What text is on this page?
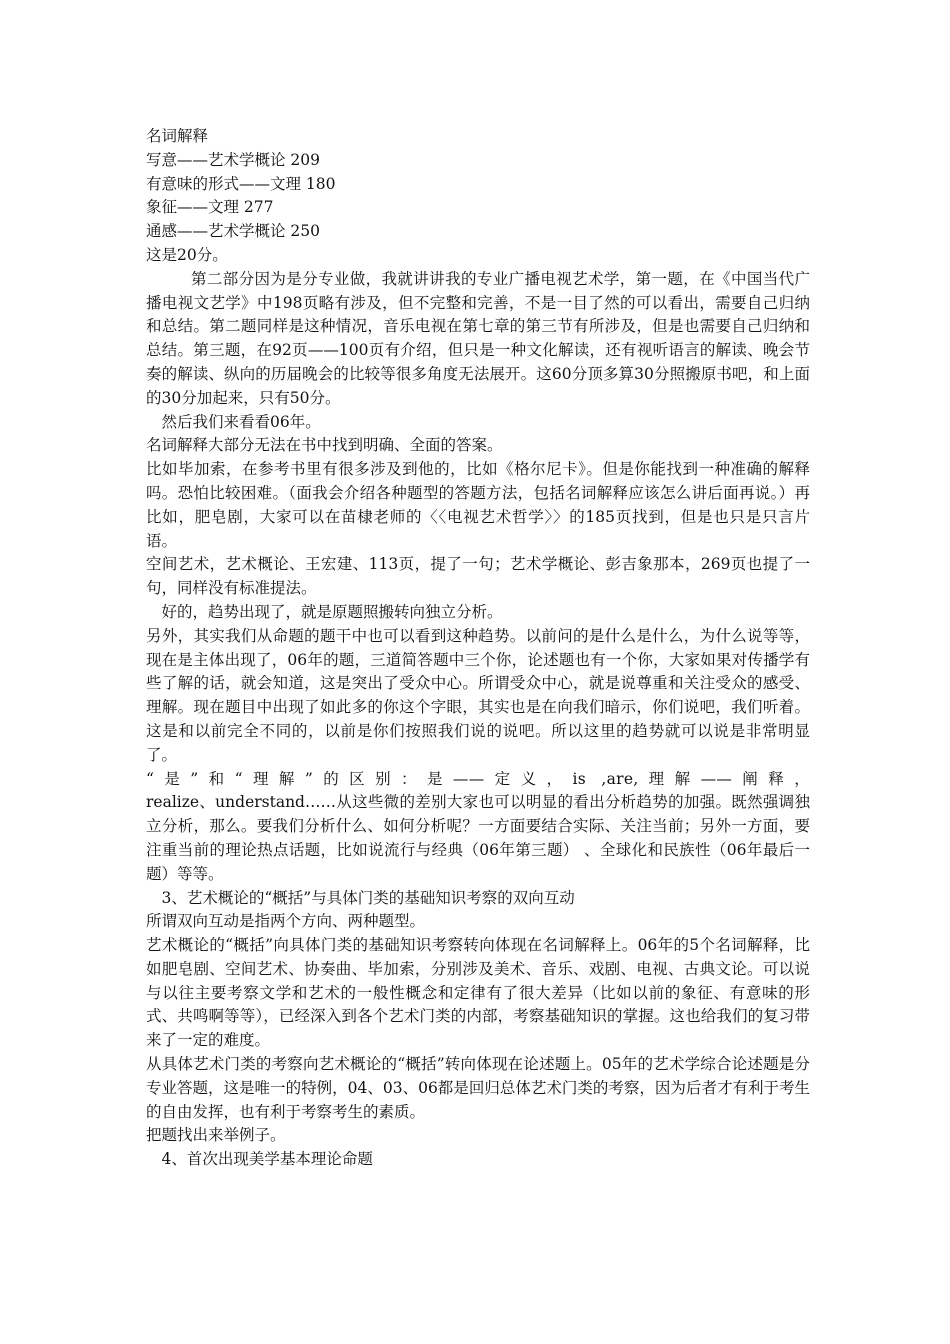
名词解释

写意——艺术学概论 209

有意味的形式——文理 180

象征——文理 277

通感——艺术学概论 250

这是20分。

第二部分因为是分专业做，我就讲讲我的专业广播电视艺术学，第一题，在《中国当代广播电视文艺学》中198页略有涉及，但不完整和完善，不是一目了然的可以看出，需要自己归纳和总结。第二题同样是这种情况，音乐电视在第七章的第三节有所涉及，但是也需要自己归纳和总结。第三题，在92页——100页有介绍，但只是一种文化解读，还有视听语言的解读、晚会节奏的解读、纵向的历届晚会的比较等很多角度无法展开。这60分顶多算30分照搬原书吧，和上面的30分加起来，只有50分。

然后我们来看看06年。

名词解释大部分无法在书中找到明确、全面的答案。

比如毕加索，在参考书里有很多涉及到他的，比如《格尔尼卡》。但是你能找到一种准确的解释吗。恐怕比较困难。（面我会介绍各种题型的答题方法，包括名词解释应该怎么讲后面再说。）再比如，肥皂剧，大家可以在苗棣老师的〈〈电视艺术哲学〉〉的185页找到，但是也只是只言片语。

空间艺术，艺术概论、王宏建、113页，提了一句；艺术学概论、彭吉象那本，269页也提了一句，同样没有标准提法。

好的，趋势出现了，就是原题照搬转向独立分析。

另外，其实我们从命题的题干中也可以看到这种趋势。以前问的是什么是什么，为什么说等等，现在是主体出现了，06年的题，三道简答题中三个你，论述题也有一个你，大家如果对传播学有些了解的话，就会知道，这是突出了受众中心。所谓受众中心，就是说尊重和关注受众的感受、理解。现在题目中出现了如此多的你这个字眼，其实也是在向我们暗示，你们说吧，我们听着。这是和以前完全不同的，以前是你们按照我们说的说吧。所以这里的趋势就可以说是非常明显了。

“是”和“理解”的区别：是——定义，is ,are,理解——阐释，

realize、understand……从这些微的差别大家也可以明显的看出分析趋势的加强。既然强调独立分析，那么。要我们分析什么、如何分析呢？一方面要结合实际、关注当前；另外一方面，要注重当前的理论热点话题，比如说流行与经典（06年第三题） 、全球化和民族性（06年最后一题）等等。

3、艺术概论的“概括”与具体门类的基础知识考察的双向互动

所谓双向互动是指两个方向、两种题型。

艺术概论的“概括”向具体门类的基础知识考察转向体现在名词解释上。06年的5个名词解释，比如肥皂剧、空间艺术、协奏曲、毕加索，分别涉及美术、音乐、戏剧、电视、古典文论。可以说与以往主要考察文学和艺术的一般性概念和定律有了很大差异（比如以前的象征、有意味的形式、共鸣啊等等），已经深入到各个艺术门类的内部，考察基础知识的掌握。这也给我们的复习带来了一定的难度。

从具体艺术门类的考察向艺术概论的“概括”转向体现在论述题上。05年的艺术学综合论述题是分专业答题，这是唯一的特例，04、03、06都是回归总体艺术门类的考察，因为后者才有利于考生的自由发挥，也有利于考察考生的素质。

把题找出来举例子。

4、首次出现美学基本理论命题
